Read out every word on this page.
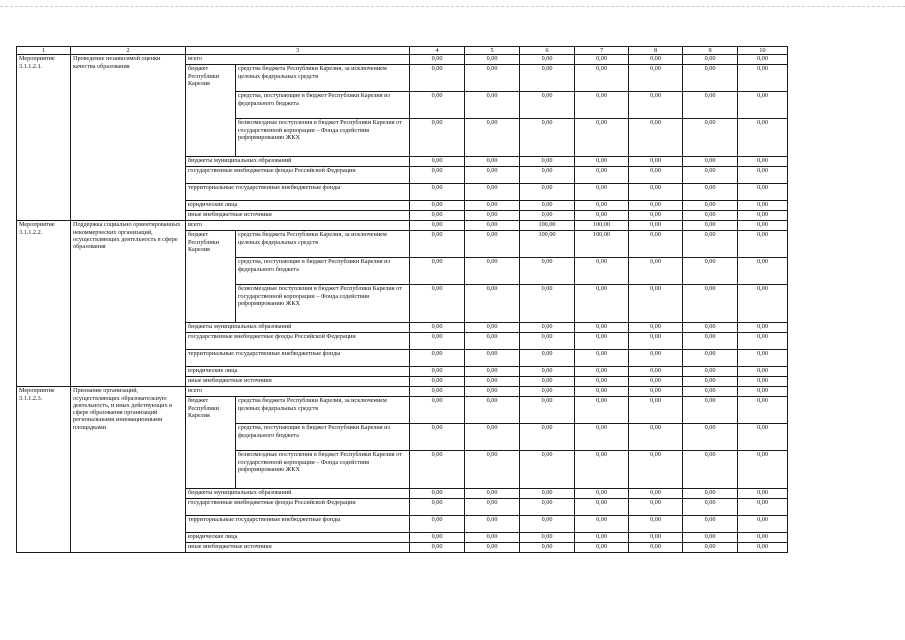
1	2	3		4	5	6	7	8	9	10
Мероприятие 3.1.1.2.1.	Проведение независимой оценки качества образования	всего		0,00	0,00	0,00	0,00	0,00	0,00	0,00
		бюджет Республики Карелия	средства бюджета Республики Карелия, за исключением целевых федеральных средств	0,00	0,00	0,00	0,00	0,00	0,00	0,00
			средства, поступающие в бюджет Республики Карелия из федерального бюджета	0,00	0,00	0,00	0,00	0,00	0,00	0,00
			безвозмездные поступления в бюджет Республики Карелия от государственной корпорации – Фонда содействия реформированию ЖКХ	0,00	0,00	0,00	0,00	0,00	0,00	0,00
		бюджеты муниципальных образований		0,00	0,00	0,00	0,00	0,00	0,00	0,00
		государственные внебюджетные фонды Российской Федерации		0,00	0,00	0,00	0,00	0,00	0,00	0,00
		территориальные государственные внебюджетные фонды		0,00	0,00	0,00	0,00	0,00	0,00	0,00
		юридические лица		0,00	0,00	0,00	0,00	0,00	0,00	0,00
		иные внебюджетные источники		0,00	0,00	0,00	0,00	0,00	0,00	0,00
Мероприятие 3.1.1.2.2.	Поддержка социально ориентированных некоммерческих организаций, осуществляющих деятельность в сфере образования	всего		0,00	0,00	100,00	100,00	0,00	0,00	0,00
		бюджет Республики Карелия	средства бюджета Республики Карелия, за исключением целевых федеральных средств	0,00	0,00	100,00	100,00	0,00	0,00	0,00
			средства, поступающие в бюджет Республики Карелия из федерального бюджета	0,00	0,00	0,00	0,00	0,00	0,00	0,00
			безвозмездные поступления в бюджет Республики Карелия от государственной корпорации – Фонда содействия реформированию ЖКХ	0,00	0,00	0,00	0,00	0,00	0,00	0,00
		бюджеты муниципальных образований		0,00	0,00	0,00	0,00	0,00	0,00	0,00
		государственные внебюджетные фонды Российской Федерации		0,00	0,00	0,00	0,00	0,00	0,00	0,00
		территориальные государственные внебюджетные фонды		0,00	0,00	0,00	0,00	0,00	0,00	0,00
		юридические лица		0,00	0,00	0,00	0,00	0,00	0,00	0,00
		иные внебюджетные источники		0,00	0,00	0,00	0,00	0,00	0,00	0,00
Мероприятие 3.1.1.2.3.	Признание организаций, осуществляющих образовательную деятельность, и иных действующих в сфере образования организаций региональными инновационными площадками	всего		0,00	0,00	0,00	0,00	0,00	0,00	0,00
		бюджет Республики Карелия	средства бюджета Республики Карелия, за исключением целевых федеральных средств	0,00	0,00	0,00	0,00	0,00	0,00	0,00
			средства, поступающие в бюджет Республики Карелия из федерального бюджета	0,00	0,00	0,00	0,00	0,00	0,00	0,00
			безвозмездные поступления в бюджет Республики Карелия от государственной корпорации – Фонда содействия реформированию ЖКХ	0,00	0,00	0,00	0,00	0,00	0,00	0,00
		бюджеты муниципальных образований		0,00	0,00	0,00	0,00	0,00	0,00	0,00
		государственные внебюджетные фонды Российской Федерации		0,00	0,00	0,00	0,00	0,00	0,00	0,00
		территориальные государственные внебюджетные фонды		0,00	0,00	0,00	0,00	0,00	0,00	0,00
		юридические лица		0,00	0,00	0,00	0,00	0,00	0,00	0,00
		иные внебюджетные источники		0,00	0,00	0,00	0,00	0,00	0,00	0,00
